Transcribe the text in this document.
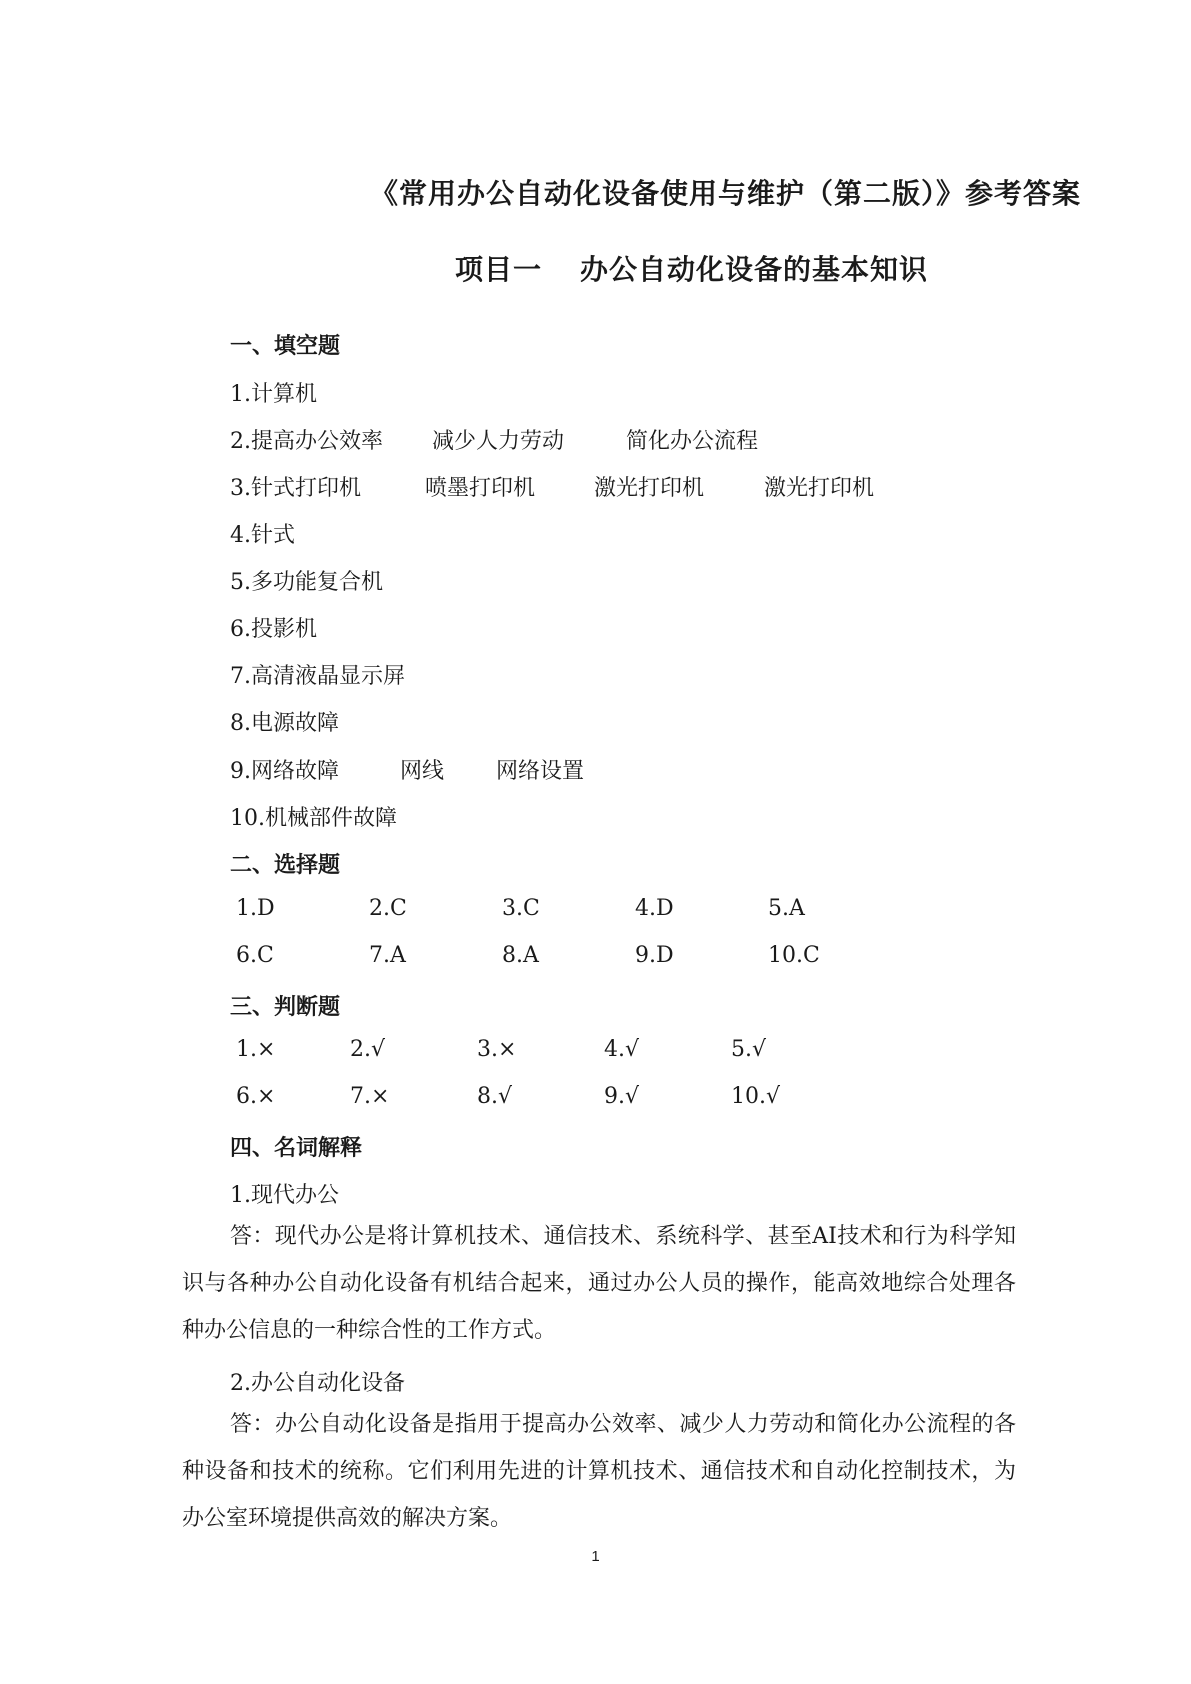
《常用办公自动化设备使用与维护（第二版）》参考答案
项目一 办公自动化设备的基本知识
一、填空题
1.计算机
2.提高办公效率 减少人力劳动	简化办公流程
3.针式打印机	喷墨打印机	激光打印机	激光打印机
4.针式
5.多功能复合机
6.投影机
7.高清液晶显示屏
8.电源故障
9.网络故障	网线 网络设置
10.机械部件故障
二、选择题
1.D	2.C	3.C	4.D	5.A
6.C	7.A	8.A	9.D	10.C
三、判断题
1.×	2.√	3.×	4.√	5.√
6.×	7.×	8.√	9.√	10.√
四、名词解释
1.现代办公
答：现代办公是将计算机技术、通信技术、系统科学、甚至AI技术和行为科学知识与各种办公自动化设备有机结合起来，通过办公人员的操作，能高效地综合处理各种办公信息的一种综合性的工作方式。
2.办公自动化设备
答：办公自动化设备是指用于提高办公效率、减少人力劳动和简化办公流程的各种设备和技术的统称。它们利用先进的计算机技术、通信技术和自动化控制技术，为办公室环境提供高效的解决方案。
1
